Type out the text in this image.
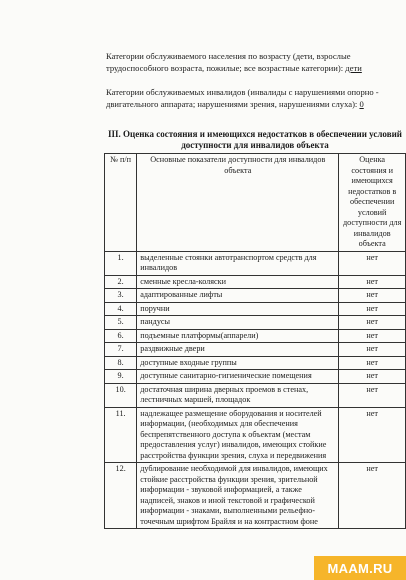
Категории обслуживаемого населения по возрасту (дети, взрослые трудоспособного возраста, пожилые; все возрастные категории): дети
Категории обслуживаемых инвалидов (инвалиды с нарушениями опорно - двигательного аппарата; нарушениями зрения, нарушениями слуха): 0
III. Оценка состояния и имеющихся недостатков в обеспечении условий доступности для инвалидов объекта
№ п/п	Основные показатели доступности для инвалидов объекта	Оценка состояния и имеющихся недостатков в обеспечении условий доступности для инвалидов объекта
1.	выделенные стоянки автотранспортом средств для инвалидов	нет
2.	сменные кресла-коляски	нет
3.	адаптированные лифты	нет
4.	поручни	нет
5.	пандусы	нет
6.	подъемные платформы(аппарели)	нет
7.	раздвижные двери	нет
8.	доступные входные группы	нет
9.	доступные санитарно-гигиенические помещения	нет
10.	достаточная ширина дверных проемов в стенах, лестничных маршей, площадок	нет
11.	надлежащее размещение оборудования и носителей информации, (необходимых для обеспечения беспрепятственного доступа к объектам (местам предоставления услуг) инвалидов, имеющих стойкие расстройства функции зрения, слуха и передвижения	нет
12.	дублирование необходимой для инвалидов, имеющих стойкие расстройства функции зрения, зрительной информации - звуковой информацией, а также надписей, знаков и иной текстовой и графической информации - знаками, выполненными рельефно- точечным шрифтом Брайля и на контрастном фоне	нет
MAAM.RU
